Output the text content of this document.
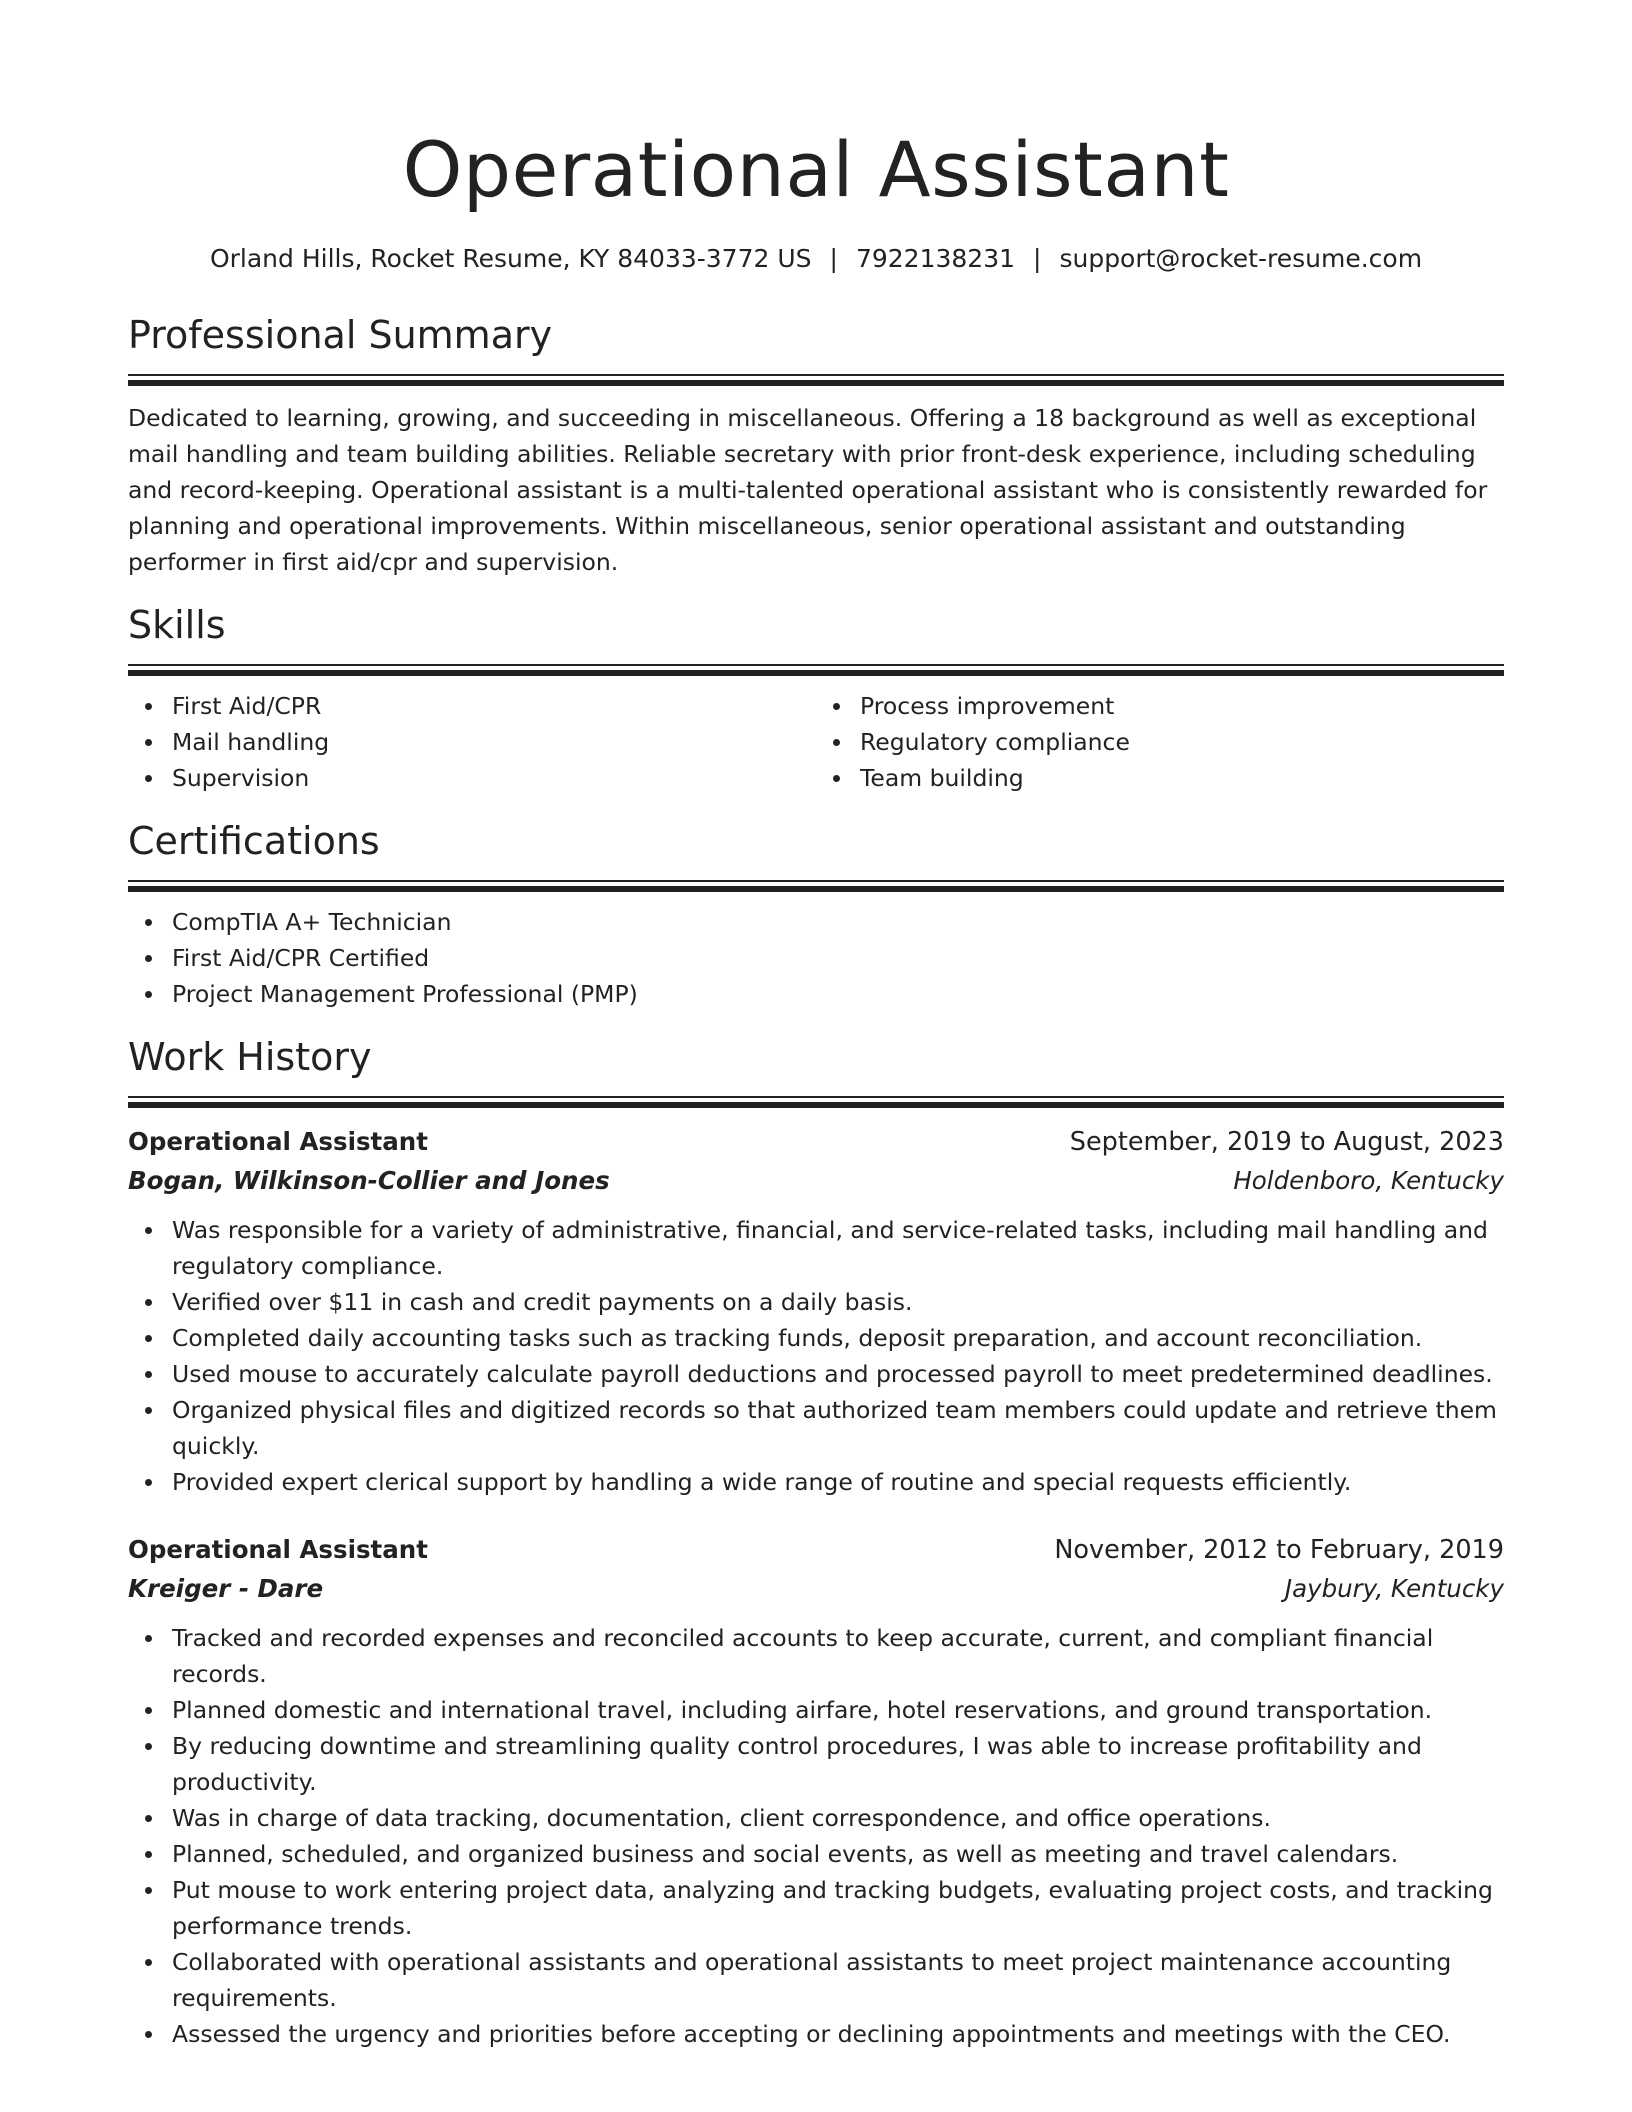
Operational Assistant
Orland Hills, Rocket Resume, KY 84033-3772 US | 7922138231 | support@rocket-resume.com
Professional Summary

Dedicated to learning, growing, and succeeding in miscellaneous. Offering a 18 background as well as exceptional mail handling and team building abilities. Reliable secretary with prior front-desk experience, including scheduling and record-keeping. Operational assistant is a multi-talented operational assistant who is consistently rewarded for planning and operational improvements. Within miscellaneous, senior operational assistant and outstanding performer in first aid/cpr and supervision.

Skills
First Aid/CPR
Mail handling
Supervision
Process improvement
Regulatory compliance
Team building
Certifications
CompTIA A+ Technician
First Aid/CPR Certified
Project Management Professional (PMP)
Work History
Operational Assistant	September, 2019 to August, 2023
Bogan, Wilkinson-Collier and Jones	Holdenboro, Kentucky
Was responsible for a variety of administrative, financial, and service-related tasks, including mail handling and regulatory compliance.
Verified over $11 in cash and credit payments on a daily basis.
Completed daily accounting tasks such as tracking funds, deposit preparation, and account reconciliation.
Used mouse to accurately calculate payroll deductions and processed payroll to meet predetermined deadlines.
Organized physical files and digitized records so that authorized team members could update and retrieve them quickly.
Provided expert clerical support by handling a wide range of routine and special requests efficiently.
Operational Assistant	November, 2012 to February, 2019
Kreiger - Dare	Jaybury, Kentucky
Tracked and recorded expenses and reconciled accounts to keep accurate, current, and compliant financial records.
Planned domestic and international travel, including airfare, hotel reservations, and ground transportation.
By reducing downtime and streamlining quality control procedures, I was able to increase profitability and productivity.
Was in charge of data tracking, documentation, client correspondence, and office operations.
Planned, scheduled, and organized business and social events, as well as meeting and travel calendars.
Put mouse to work entering project data, analyzing and tracking budgets, evaluating project costs, and tracking performance trends.
Collaborated with operational assistants and operational assistants to meet project maintenance accounting requirements.
Assessed the urgency and priorities before accepting or declining appointments and meetings with the CEO.
